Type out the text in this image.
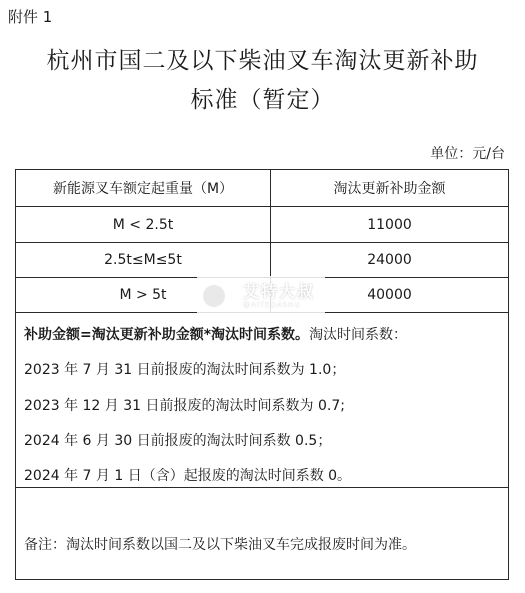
附件 1
杭州市国二及以下柴油叉车淘汰更新补助
标准（暂定）
单位：元/台
新能源叉车额定起重量（M）	淘汰更新补助金额
M < 2.5t	11000
2.5t≤M≤5t	24000
M > 5t	40000
补助金额=淘汰更新补助金额*淘汰时间系数。淘汰时间系数：
2023 年 7 月 31 日前报废的淘汰时间系数为 1.0；
2023 年 12 月 31 日前报废的淘汰时间系数为 0.7;
2024 年 6 月 30 日前报废的淘汰时间系数 0.5；
2024 年 7 月 1 日（含）起报废的淘汰时间系数 0。
备注：淘汰时间系数以国二及以下柴油叉车完成报废时间为准。
艾特大叔
@AITEDASHU
